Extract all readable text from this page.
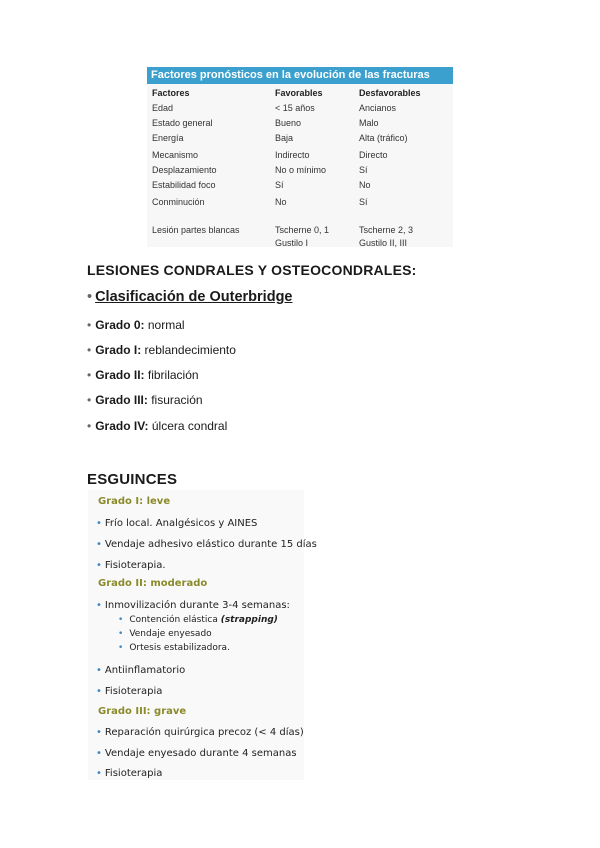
Factores pronósticos en la evolución de las fracturas
Factores	Favorables	Desfavorables
Edad	< 15 años	Ancianos
Estado general	Bueno	Malo
Energía	Baja	Alta (tráfico)
Mecanismo	Indirecto	Directo
Desplazamiento	No o mínimo	Sí
Estabilidad foco	Sí	No
Conminución	No	Sí
Lesión partes blancas	Tscherne 0, 1	Tscherne 2, 3
Gustilo I	Gustilo II, III
LESIONES CONDRALES Y OSTEOCONDRALES:
• Clasificación de Outerbridge
• Grado 0: normal
• Grado I: reblandecimiento
• Grado II: fibrilación
• Grado III: fisuración
• Grado IV: úlcera condral
ESGUINCES
Grado I: leve
• Frío local. Analgésicos y AINES
• Vendaje adhesivo elástico durante 15 días
• Fisioterapia.
Grado II: moderado
• Inmovilización durante 3-4 semanas:
• Contención elástica (strapping)
• Vendaje enyesado
• Ortesis estabilizadora.
• Antiinflamatorio
• Fisioterapia
Grado III: grave
• Reparación quirúrgica precoz (< 4 días)
• Vendaje enyesado durante 4 semanas
• Fisioterapia
